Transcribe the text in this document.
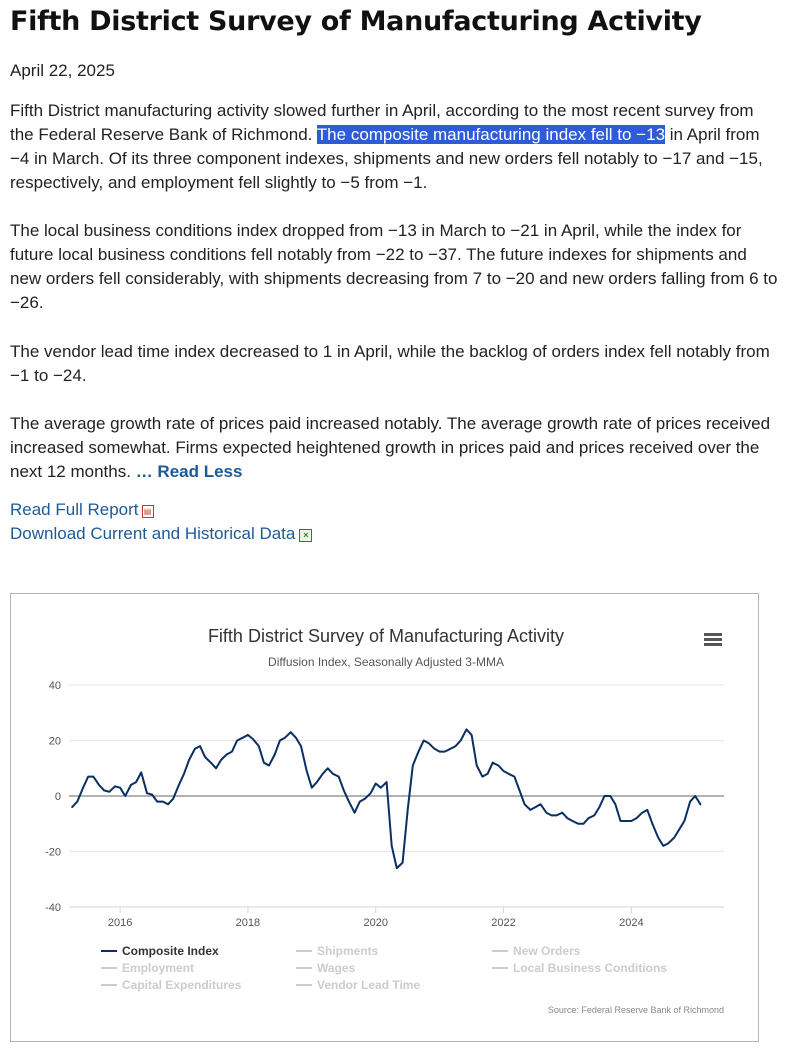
Fifth District Survey of Manufacturing Activity
April 22, 2025

Fifth District manufacturing activity slowed further in April, according to the most recent survey from the Federal Reserve Bank of Richmond. The composite manufacturing index fell to −13 in April from −4 in March. Of its three component indexes, shipments and new orders fell notably to −17 and −15, respectively, and employment fell slightly to −5 from −1.

The local business conditions index dropped from −13 in March to −21 in April, while the index for future local business conditions fell notably from −22 to −37. The future indexes for shipments and new orders fell considerably, with shipments decreasing from 7 to −20 and new orders falling from 6 to −26.

The vendor lead time index decreased to 1 in April, while the backlog of orders index fell notably from −1 to −24.

The average growth rate of prices paid increased notably. The average growth rate of prices received increased somewhat. Firms expected heightened growth in prices paid and prices received over the next 12 months. … Read Less

Read Full Report ▤
Download Current and Historical Data ×
Fifth District Survey of Manufacturing Activity
Diffusion Index, Seasonally Adjusted 3-MMA
40
20
0
-20
-40
2016	2018	2020	2022	2024
Composite Index	Shipments	New Orders
Employment	Wages	Local Business Conditions
Capital Expenditures	Vendor Lead Time
Source: Federal Reserve Bank of Richmond
